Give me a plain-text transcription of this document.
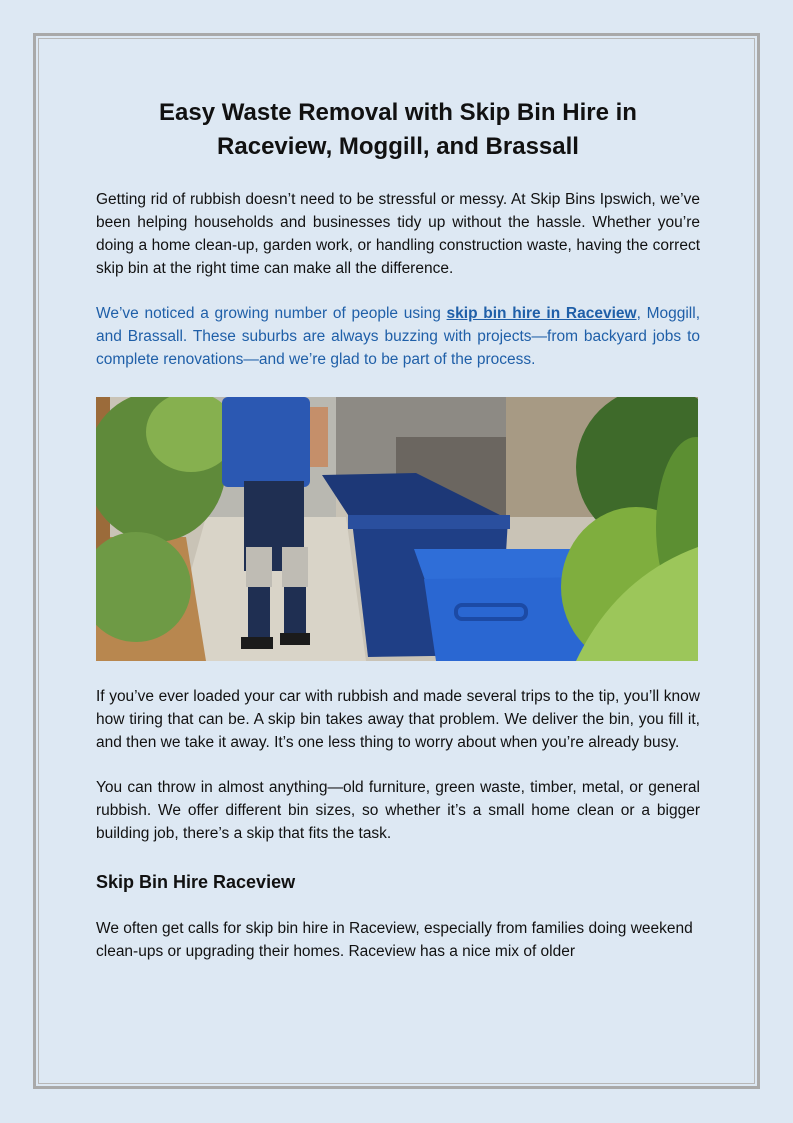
Easy Waste Removal with Skip Bin Hire in
Raceview, Moggill, and Brassall

Getting rid of rubbish doesn’t need to be stressful or messy. At Skip Bins Ipswich, we’ve been helping households and businesses tidy up without the hassle. Whether you’re doing a home clean-up, garden work, or handling construction waste, having the correct skip bin at the right time can make all the difference.

We’ve noticed a growing number of people using skip bin hire in Raceview, Moggill, and Brassall. These suburbs are always buzzing with projects—from backyard jobs to complete renovations—and we’re glad to be part of the process.

If you’ve ever loaded your car with rubbish and made several trips to the tip, you’ll know how tiring that can be. A skip bin takes away that problem. We deliver the bin, you fill it, and then we take it away. It’s one less thing to worry about when you’re already busy.

You can throw in almost anything—old furniture, green waste, timber, metal, or general rubbish. We offer different bin sizes, so whether it’s a small home clean or a bigger building job, there’s a skip that fits the task.

Skip Bin Hire Raceview

We often get calls for skip bin hire in Raceview, especially from families doing weekend clean-ups or upgrading their homes. Raceview has a nice mix of older
